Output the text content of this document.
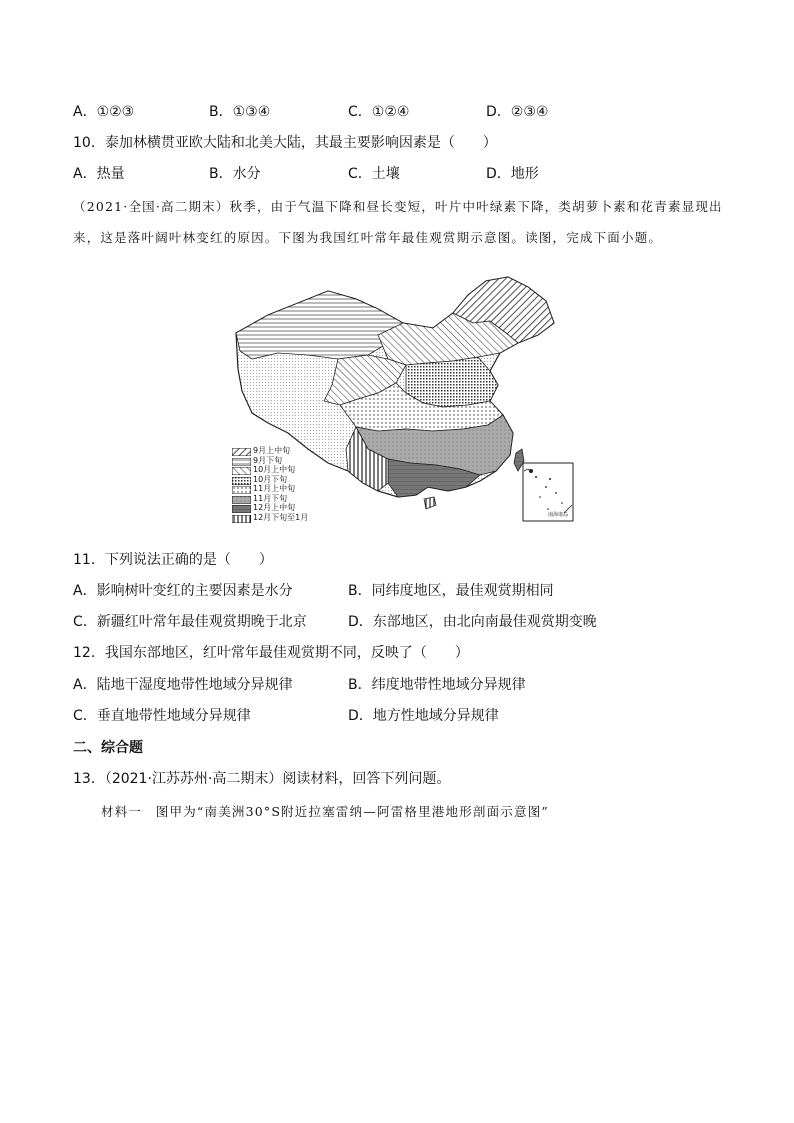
A．①②③	B．①③④	C．①②④	D．②③④
10．泰加林横贯亚欧大陆和北美大陆，其最主要影响因素是（　　）
A．热量	B．水分	C．土壤	D．地形
（2021·全国·高二期末）秋季，由于气温下降和昼长变短，叶片中叶绿素下降，类胡萝卜素和花青素显现出
来，这是落叶阔叶林变红的原因。下图为我国红叶常年最佳观赏期示意图。读图，完成下面小题。
南海诸岛
9月上中旬
9月下旬
10月上中旬
10月下旬
11月上中旬
11月下旬
12月上中旬
12月下旬至1月
11．下列说法正确的是（　　）
A．影响树叶变红的主要因素是水分	B．同纬度地区，最佳观赏期相同
C．新疆红叶常年最佳观赏期晚于北京	D．东部地区，由北向南最佳观赏期变晚
12．我国东部地区，红叶常年最佳观赏期不同，反映了（　　）
A．陆地干湿度地带性地域分异规律	B．纬度地带性地域分异规律
C．垂直地带性地域分异规律	D．地方性地域分异规律
二、综合题
13．（2021·江苏苏州·高二期末）阅读材料，回答下列问题。
材料一　图甲为“南美洲30°S附近拉塞雷纳—阿雷格里港地形剖面示意图”
